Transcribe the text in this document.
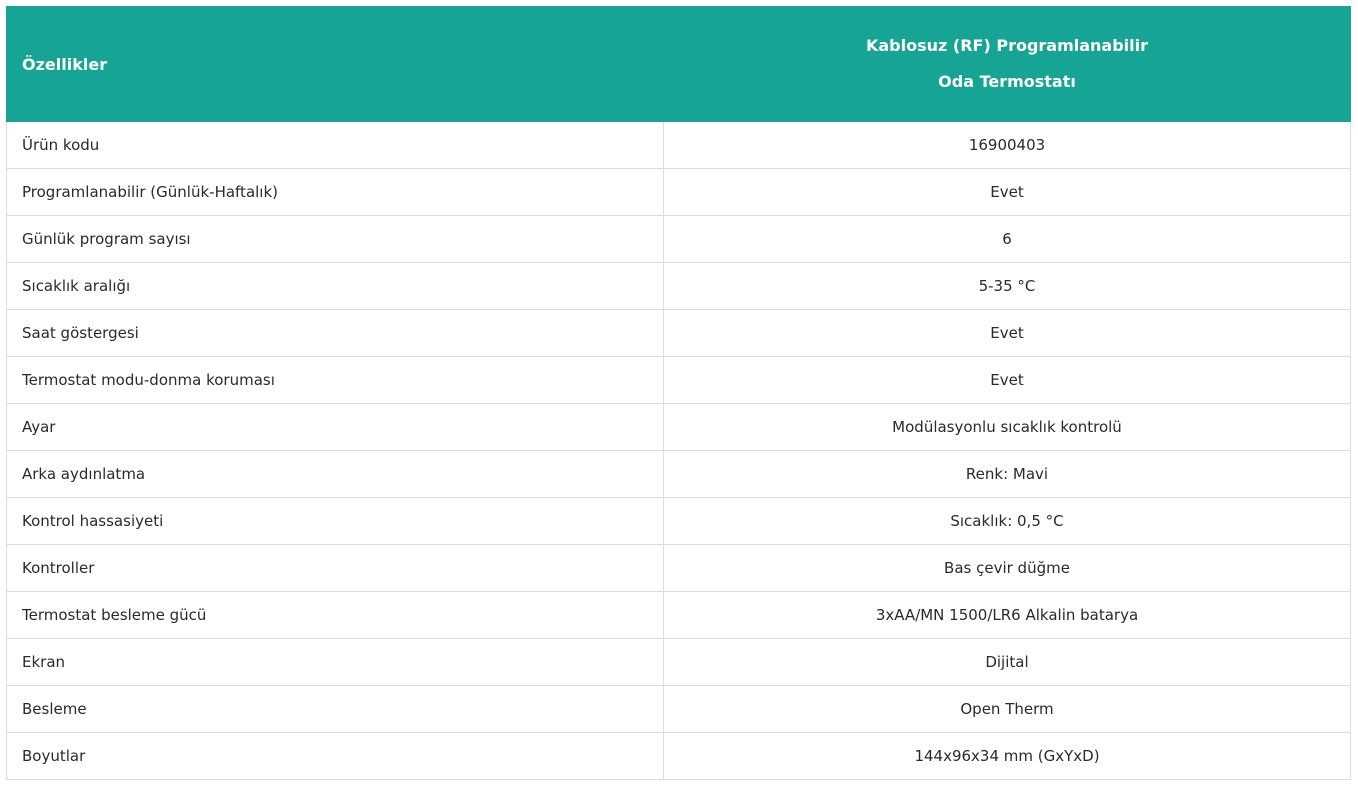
Özellikler	Kablosuz (RF) Programlanabilir
Oda Termostatı

Ürün kodu	16900403
Programlanabilir (Günlük-Haftalık)	Evet
Günlük program sayısı	6
Sıcaklık aralığı	5-35 °C
Saat göstergesi	Evet
Termostat modu-donma koruması	Evet
Ayar	Modülasyonlu sıcaklık kontrolü
Arka aydınlatma	Renk: Mavi
Kontrol hassasiyeti	Sıcaklık: 0,5 °C
Kontroller	Bas çevir düğme
Termostat besleme gücü	3xAA/MN 1500/LR6 Alkalin batarya
Ekran	Dijital
Besleme	Open Therm
Boyutlar	144x96x34 mm (GxYxD)
